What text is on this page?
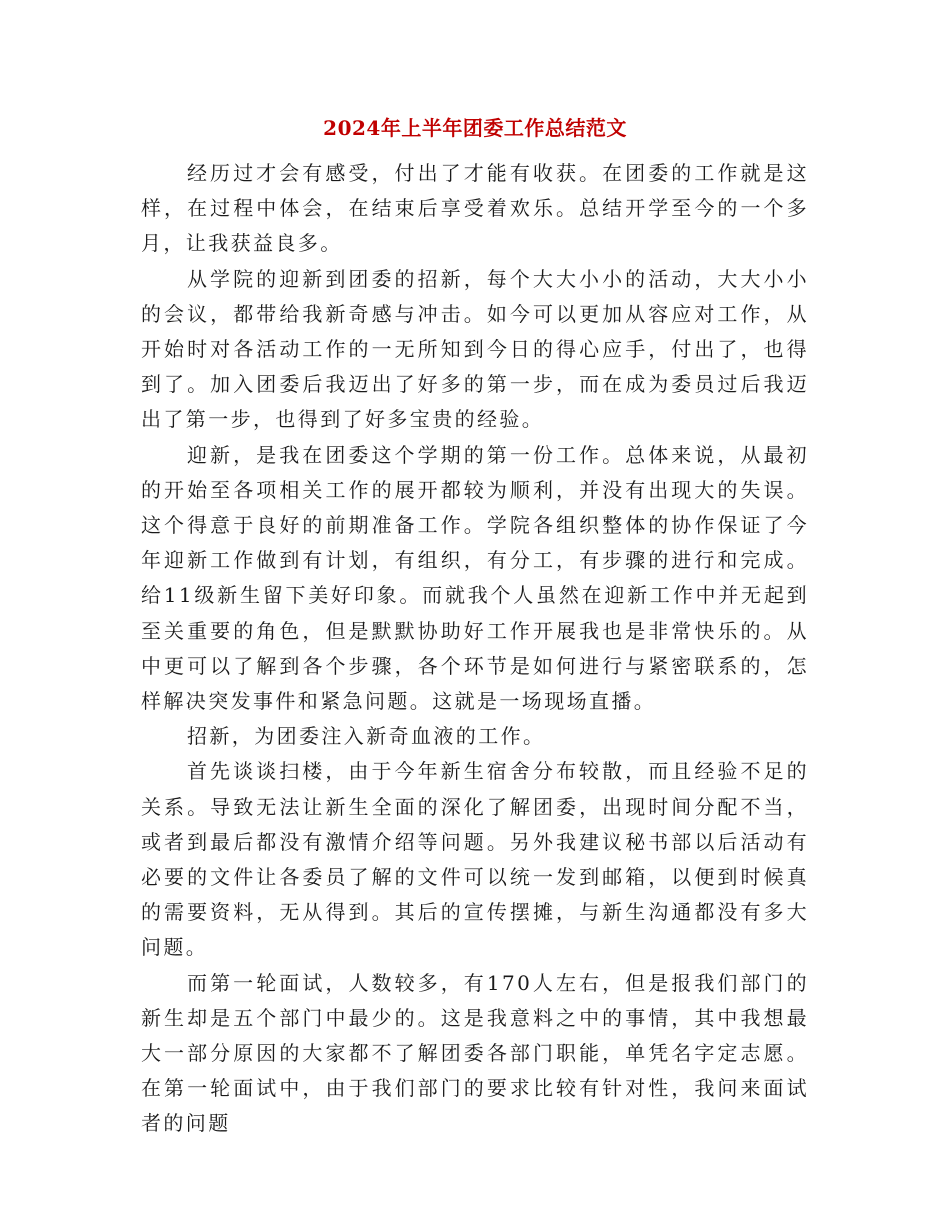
2024年上半年团委工作总结范文

经历过才会有感受，付出了才能有收获。在团委的工作就是这样，在过程中体会，在结束后享受着欢乐。总结开学至今的一个多月，让我获益良多。

从学院的迎新到团委的招新，每个大大小小的活动，大大小小的会议，都带给我新奇感与冲击。如今可以更加从容应对工作，从开始时对各活动工作的一无所知到今日的得心应手，付出了，也得到了。加入团委后我迈出了好多的第一步，而在成为委员过后我迈出了第一步，也得到了好多宝贵的经验。

迎新，是我在团委这个学期的第一份工作。总体来说，从最初的开始至各项相关工作的展开都较为顺利，并没有出现大的失误。这个得意于良好的前期准备工作。学院各组织整体的协作保证了今年迎新工作做到有计划，有组织，有分工，有步骤的进行和完成。给11级新生留下美好印象。而就我个人虽然在迎新工作中并无起到至关重要的角色，但是默默协助好工作开展我也是非常快乐的。从中更可以了解到各个步骤，各个环节是如何进行与紧密联系的，怎样解决突发事件和紧急问题。这就是一场现场直播。

招新，为团委注入新奇血液的工作。

首先谈谈扫楼，由于今年新生宿舍分布较散，而且经验不足的关系。导致无法让新生全面的深化了解团委，出现时间分配不当，或者到最后都没有激情介绍等问题。另外我建议秘书部以后活动有必要的文件让各委员了解的文件可以统一发到邮箱，以便到时候真的需要资料，无从得到。其后的宣传摆摊，与新生沟通都没有多大问题。

而第一轮面试，人数较多，有170人左右，但是报我们部门的新生却是五个部门中最少的。这是我意料之中的事情，其中我想最大一部分原因的大家都不了解团委各部门职能，单凭名字定志愿。在第一轮面试中，由于我们部门的要求比较有针对性，我问来面试者的问题
